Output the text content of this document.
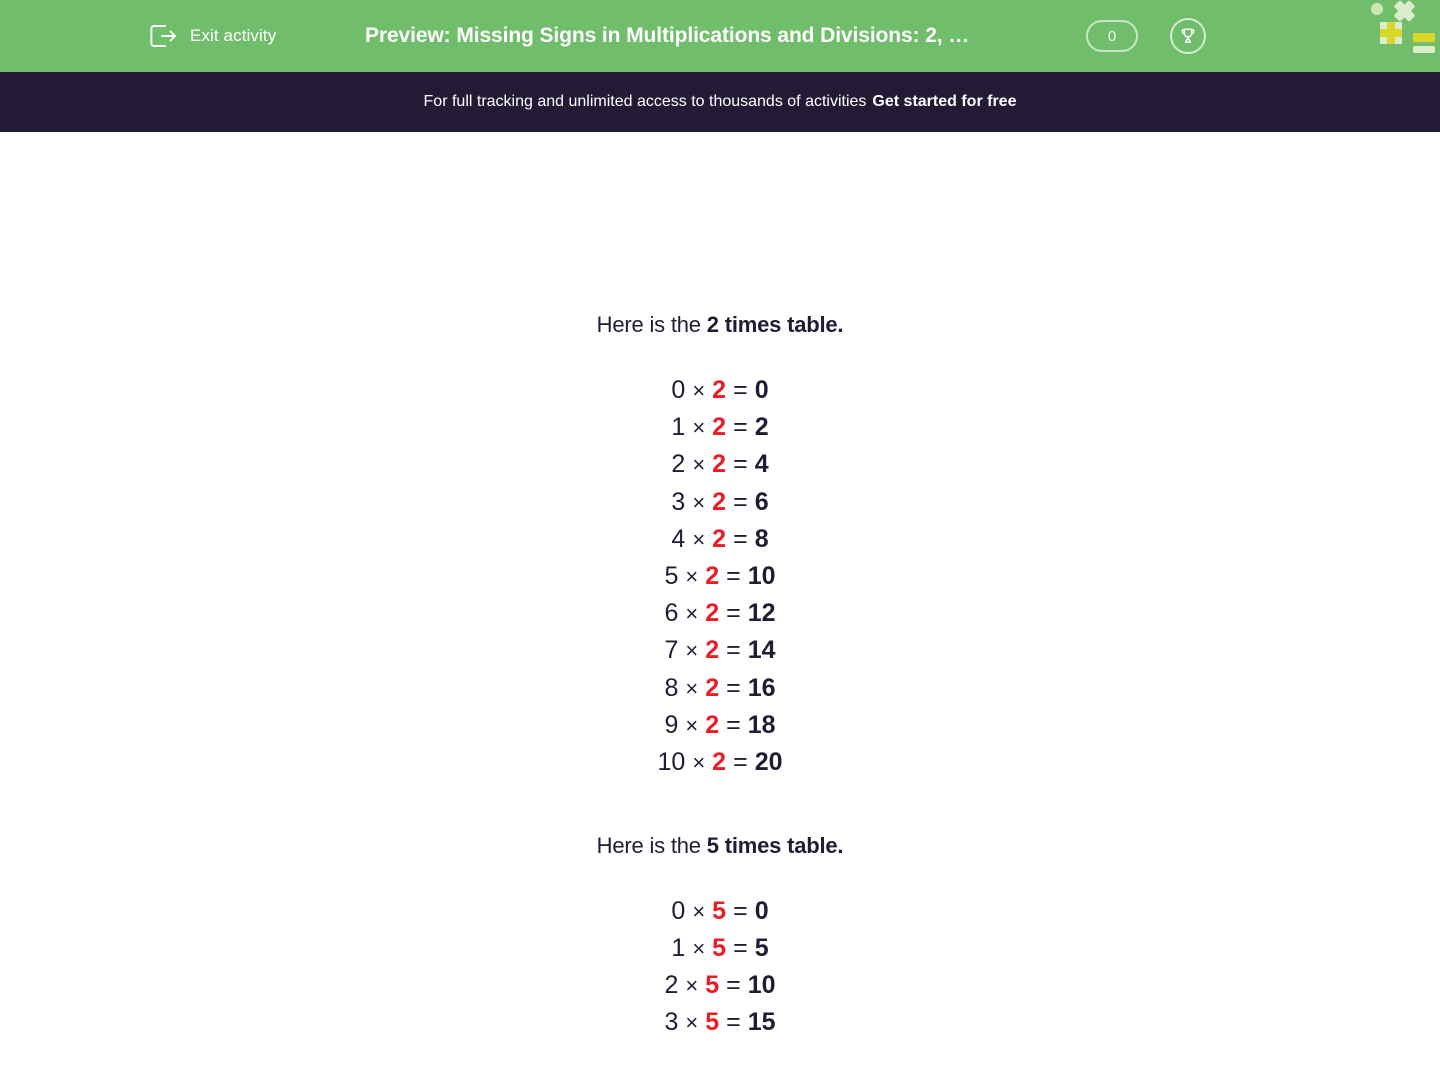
Exit activity	Preview: Missing Signs in Multiplications and Divisions: 2, …	0
For full tracking and unlimited access to thousands of activities Get started for free
Here is the 2 times table.
0 × 2 = 0
1 × 2 = 2
2 × 2 = 4
3 × 2 = 6
4 × 2 = 8
5 × 2 = 10
6 × 2 = 12
7 × 2 = 14
8 × 2 = 16
9 × 2 = 18
10 × 2 = 20
Here is the 5 times table.
0 × 5 = 0
1 × 5 = 5
2 × 5 = 10
3 × 5 = 15
